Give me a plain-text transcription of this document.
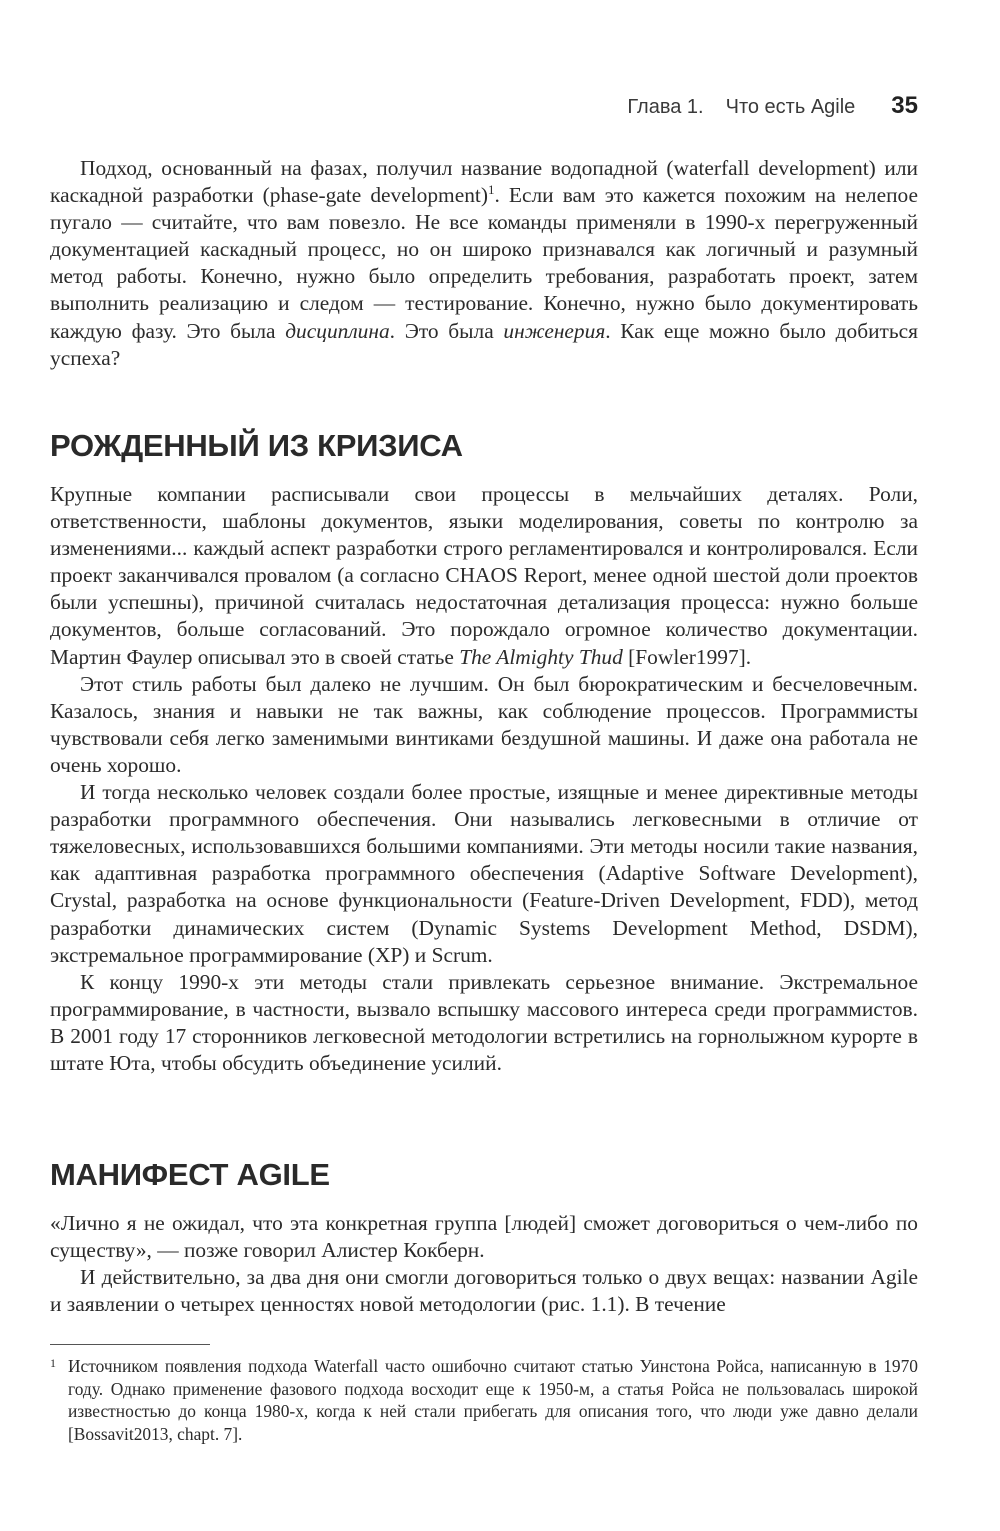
Глава 1. Что есть Agile 35

Подход, основанный на фазах, получил название водопадной (waterfall development) или каскадной разработки (phase-gate development)$^1$. Если вам это кажется похожим на нелепое пугало — считайте, что вам повезло. Не все команды применяли в 1990-х перегруженный документацией каскадный процесс, но он широко признавался как логичный и разумный метод работы. Конечно, нужно было определить требования, разработать проект, затем выполнить реализацию и следом — тестирование. Конечно, нужно было документировать каждую фазу. Это была дисциплина. Это была инженерия. Как еще можно было добиться успеха?

РОЖДЕННЫЙ ИЗ КРИЗИСА

Крупные компании расписывали свои процессы в мельчайших деталях. Роли, ответственности, шаблоны документов, языки моделирования, советы по контролю за изменениями... каждый аспект разработки строго регламентировался и контролировался. Если проект заканчивался провалом (а согласно CHAOS Report, менее одной шестой доли проектов были успешны), причиной считалась недостаточная детализация процесса: нужно больше документов, больше согласований. Это порождало огромное количество документации. Мартин Фаулер описывал это в своей статье The Almighty Thud [Fowler1997].

Этот стиль работы был далеко не лучшим. Он был бюрократическим и бесчеловечным. Казалось, знания и навыки не так важны, как соблюдение процессов. Программисты чувствовали себя легко заменимыми винтиками бездушной машины. И даже она работала не очень хорошо.

И тогда несколько человек создали более простые, изящные и менее директивные методы разработки программного обеспечения. Они назывались легковесными в отличие от тяжеловесных, использовавшихся большими компаниями. Эти методы носили такие названия, как адаптивная разработка программного обеспечения (Adaptive Software Development), Crystal, разработка на основе функциональности (Feature-Driven Development, FDD), метод разработки динамических систем (Dynamic Systems Development Method, DSDM), экстремальное программирование (XP) и Scrum.

К концу 1990-х эти методы стали привлекать серьезное внимание. Экстремальное программирование, в частности, вызвало вспышку массового интереса среди программистов. В 2001 году 17 сторонников легковесной методологии встретились на горнолыжном курорте в штате Юта, чтобы обсудить объединение усилий.

МАНИФЕСТ AGILE

«Лично я не ожидал, что эта конкретная группа [людей] сможет договориться о чем-либо по существу», — позже говорил Алистер Кокберн.

И действительно, за два дня они смогли договориться только о двух вещах: названии Agile и заявлении о четырех ценностях новой методологии (рис. 1.1). В течение

1 Источником появления подхода Waterfall часто ошибочно считают статью Уинстона Ройса, написанную в 1970 году. Однако применение фазового подхода восходит еще к 1950-м, а статья Ройса не пользовалась широкой известностью до конца 1980-х, когда к ней стали прибегать для описания того, что люди уже давно делали [Bossavit2013, chapt. 7].
